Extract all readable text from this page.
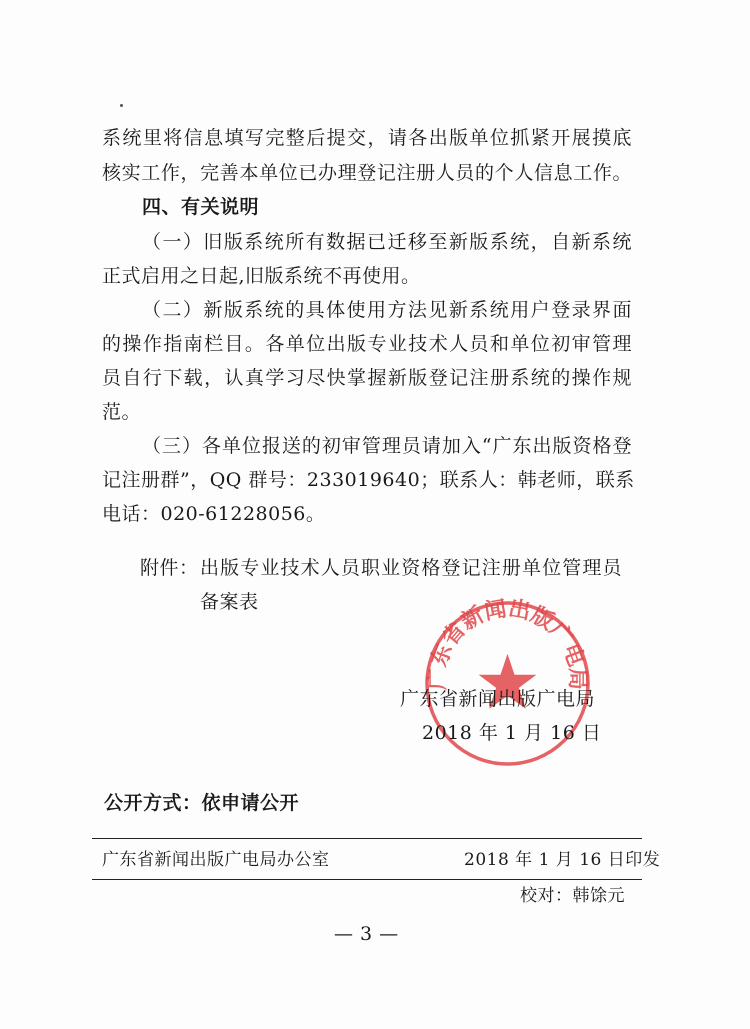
系统里将信息填写完整后提交，请各出版单位抓紧开展摸底
核实工作，完善本单位已办理登记注册人员的个人信息工作。
四、有关说明
（一）旧版系统所有数据已迁移至新版系统，自新系统
正式启用之日起,旧版系统不再使用。
（二）新版系统的具体使用方法见新系统用户登录界面
的操作指南栏目。各单位出版专业技术人员和单位初审管理
员自行下载，认真学习尽快掌握新版登记注册系统的操作规
范。
（三）各单位报送的初审管理员请加入“广东出版资格登
记注册群”，QQ 群号：233019640；联系人：韩老师，联系
电话：020-61228056。
附件： 出版专业技术人员职业资格登记注册单位管理员
备案表
广东省新闻出版广电局
广东省新闻出版广电局
2018 年 1 月 16 日
公开方式：依申请公开
广东省新闻出版广电局办公室	2018 年 1 月 16 日印发
校对：韩馀元
— 3 —
